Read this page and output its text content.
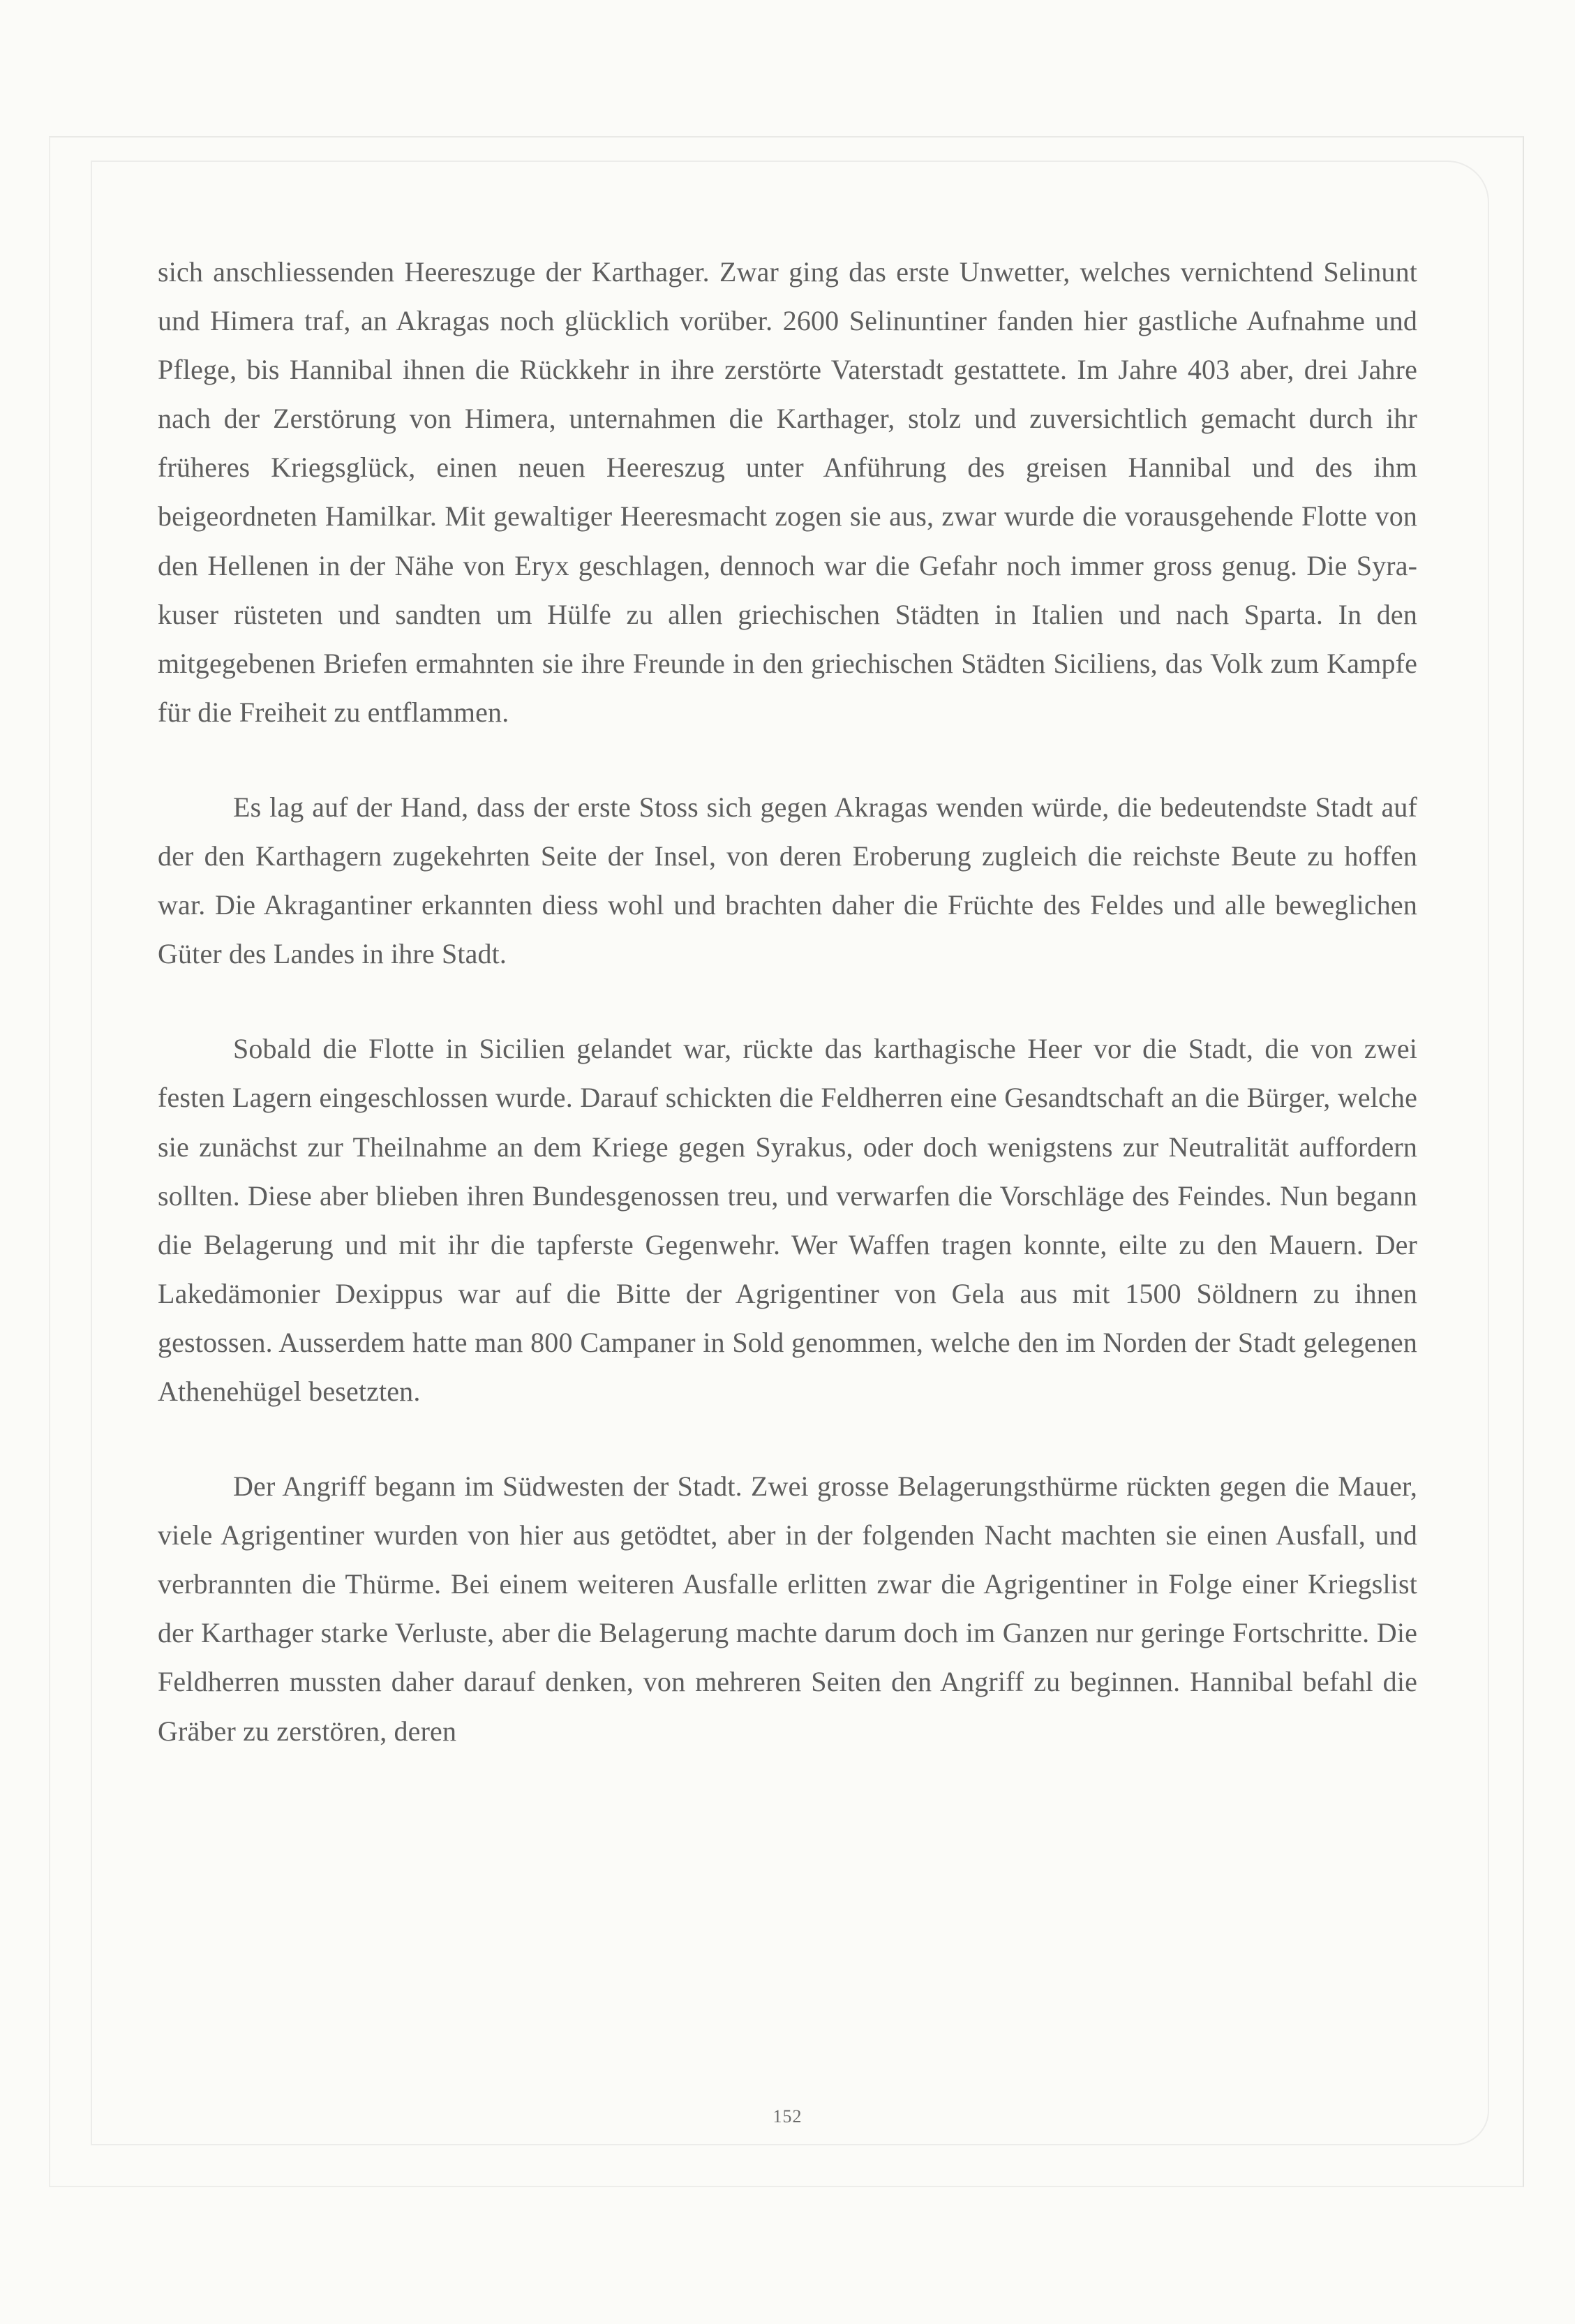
sich anschliessenden Heereszuge der Karthager. Zwar ging das erste Unwetter, welches vernichtend Selinunt und Himera traf, an Akragas noch glücklich vorüber. 2600 Selinuntiner fanden hier gastliche Aufnahme und Pflege, bis Hannibal ihnen die Rückkehr in ihre zerstörte Vaterstadt gestattete. Im Jahre 403 aber, drei Jahre nach der Zerstörung von Himera, unternahmen die Karthager, stolz und zuversichtlich gemacht durch ihr früheres Kriegsglück, einen neuen Heereszug unter Anführung des greisen Hannibal und des ihm beigeordneten Hamilkar. Mit gewaltiger Heeresmacht zogen sie aus, zwar wurde die vorausgehende Flotte von den Hellenen in der Nähe von Eryx geschlagen, dennoch war die Gefahr noch immer gross genug. Die Syrakuser rüsteten und sandten um Hülfe zu allen griechischen Städten in Italien und nach Sparta. In den mitgegebenen Briefen ermahnten sie ihre Freunde in den griechischen Städten Siciliens, das Volk zum Kampfe für die Freiheit zu entflammen.

Es lag auf der Hand, dass der erste Stoss sich gegen Akragas wenden würde, die bedeutendste Stadt auf der den Karthagern zugekehrten Seite der Insel, von deren Eroberung zugleich die reichste Beute zu hoffen war. Die Akragantiner erkannten diess wohl und brachten daher die Früchte des Feldes und alle beweglichen Güter des Landes in ihre Stadt.

Sobald die Flotte in Sicilien gelandet war, rückte das karthagische Heer vor die Stadt, die von zwei festen Lagern eingeschlossen wurde. Darauf schickten die Feldherren eine Gesandtschaft an die Bürger, welche sie zunächst zur Theilnahme an dem Kriege gegen Syrakus, oder doch wenigstens zur Neutralität auffordern sollten. Diese aber blieben ihren Bundesgenossen treu, und verwarfen die Vorschläge des Feindes. Nun begann die Belagerung und mit ihr die tapferste Gegenwehr. Wer Waffen tragen konnte, eilte zu den Mauern. Der Lakedämonier Dexippus war auf die Bitte der Agrigentiner von Gela aus mit 1500 Söldnern zu ihnen gestossen. Ausserdem hatte man 800 Campaner in Sold genommen, welche den im Norden der Stadt gelegenen Athenehügel besetzten.

Der Angriff begann im Südwesten der Stadt. Zwei grosse Belagerungsthürme rückten gegen die Mauer, viele Agrigentiner wurden von hier aus getödtet, aber in der folgenden Nacht machten sie einen Ausfall, und verbrannten die Thürme. Bei einem weiteren Ausfalle erlitten zwar die Agrigentiner in Folge einer Kriegslist der Karthager starke Verluste, aber die Belagerung machte darum doch im Ganzen nur geringe Fortschritte. Die Feldherren mussten daher darauf denken, von mehreren Seiten den Angriff zu beginnen. Hannibal befahl die Gräber zu zerstören, deren

152
